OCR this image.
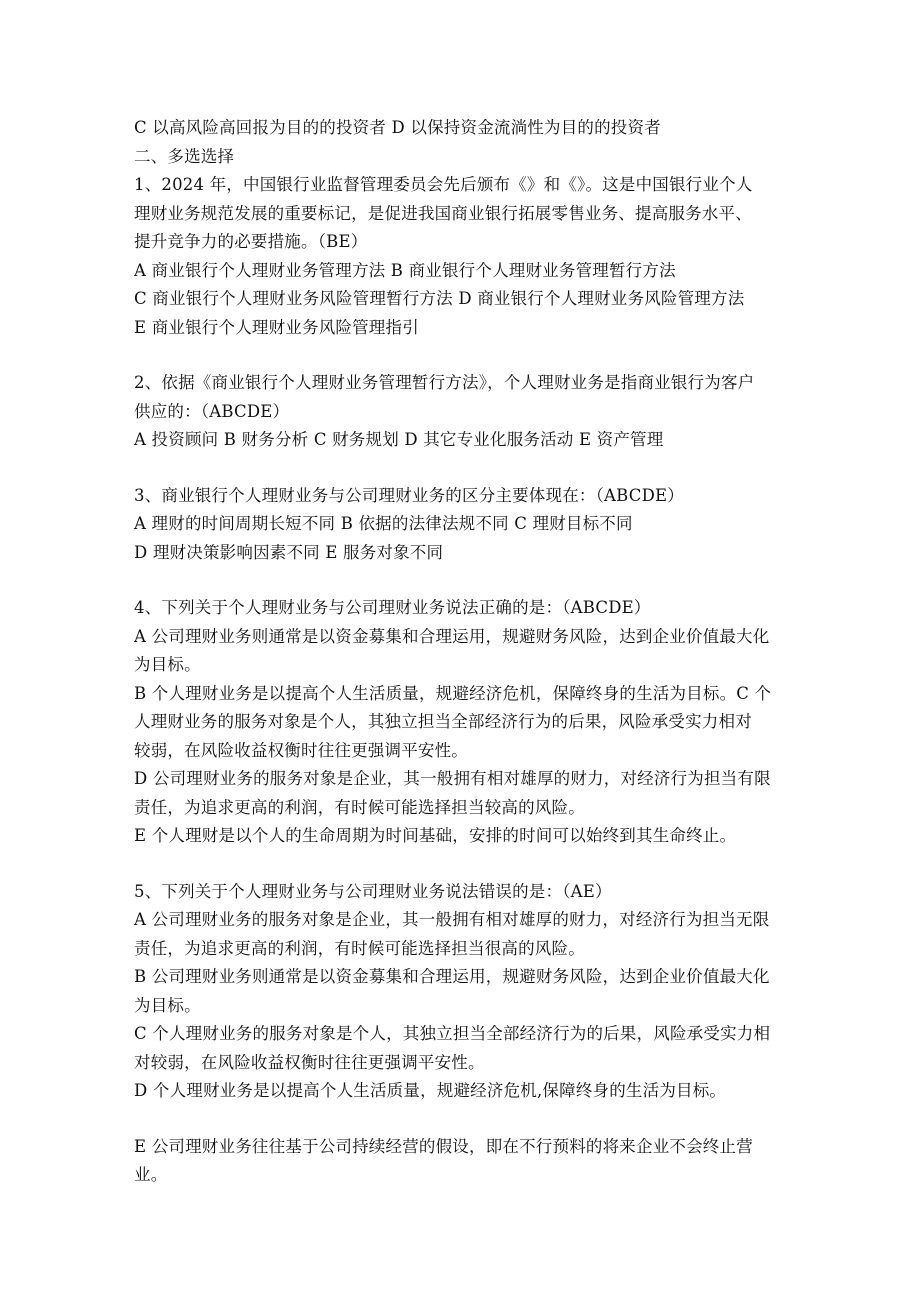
C 以高风险高回报为目的的投资者 D 以保持资金流淌性为目的的投资者
二、多选选择
1、2024 年，中国银行业监督管理委员会先后颁布《》和《》。这是中国银行业个人
理财业务规范发展的重要标记，是促进我国商业银行拓展零售业务、提高服务水平、
提升竞争力的必要措施。（BE）
A 商业银行个人理财业务管理方法 B 商业银行个人理财业务管理暂行方法
C 商业银行个人理财业务风险管理暂行方法 D 商业银行个人理财业务风险管理方法
E 商业银行个人理财业务风险管理指引
2、依据《商业银行个人理财业务管理暂行方法》，个人理财业务是指商业银行为客户
供应的：（ABCDE）
A 投资顾问 B 财务分析 C 财务规划 D 其它专业化服务活动 E 资产管理
3、商业银行个人理财业务与公司理财业务的区分主要体现在：（ABCDE）
A 理财的时间周期长短不同 B 依据的法律法规不同 C 理财目标不同
D 理财决策影响因素不同 E 服务对象不同
4、下列关于个人理财业务与公司理财业务说法正确的是：（ABCDE）
A 公司理财业务则通常是以资金募集和合理运用，规避财务风险，达到企业价值最大化
为目标。
B 个人理财业务是以提高个人生活质量，规避经济危机，保障终身的生活为目标。C 个
人理财业务的服务对象是个人，其独立担当全部经济行为的后果，风险承受实力相对
较弱，在风险收益权衡时往往更强调平安性。
D 公司理财业务的服务对象是企业，其一般拥有相对雄厚的财力，对经济行为担当有限
责任，为追求更高的利润，有时候可能选择担当较高的风险。
E 个人理财是以个人的生命周期为时间基础，安排的时间可以始终到其生命终止。
5、下列关于个人理财业务与公司理财业务说法错误的是：（AE）
A 公司理财业务的服务对象是企业，其一般拥有相对雄厚的财力，对经济行为担当无限
责任，为追求更高的利润，有时候可能选择担当很高的风险。
B 公司理财业务则通常是以资金募集和合理运用，规避财务风险，达到企业价值最大化
为目标。
C 个人理财业务的服务对象是个人，其独立担当全部经济行为的后果，风险承受实力相
对较弱，在风险收益权衡时往往更强调平安性。
D 个人理财业务是以提高个人生活质量，规避经济危机,保障终身的生活为目标。
E 公司理财业务往往基于公司持续经营的假设，即在不行预料的将来企业不会终止营
业。
